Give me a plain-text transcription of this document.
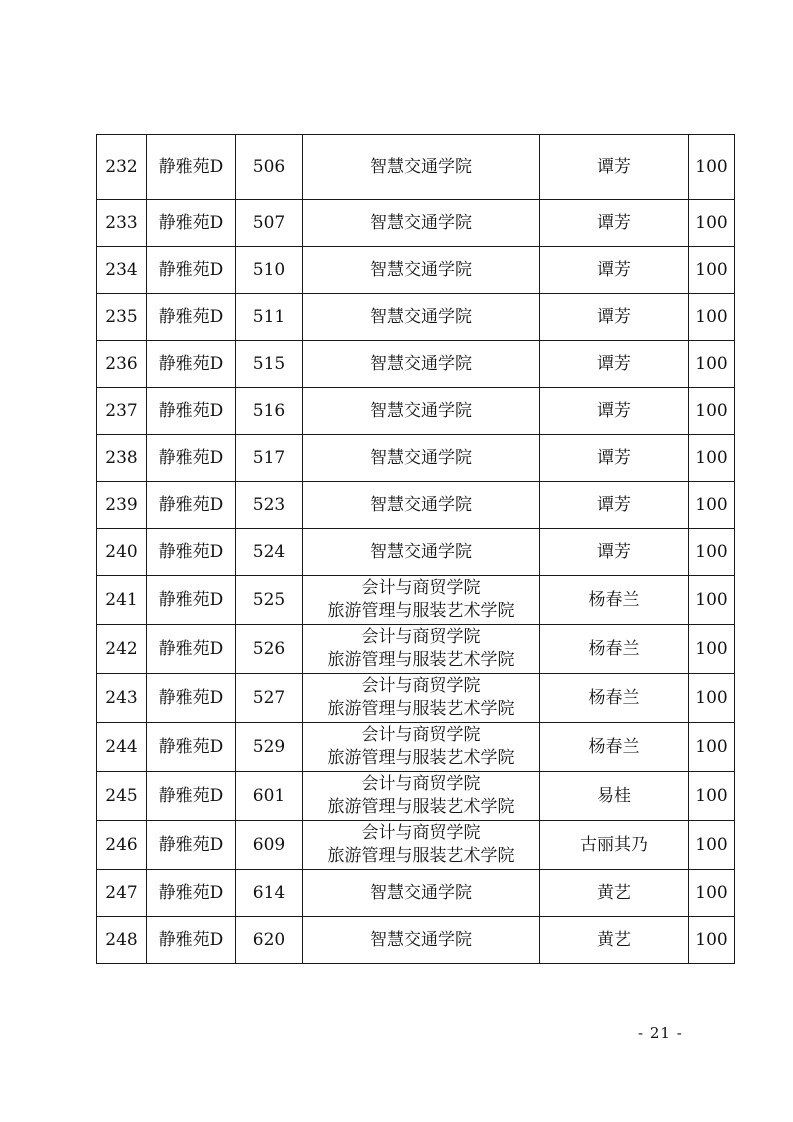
232	静雅苑D	506	智慧交通学院	谭芳	100
233	静雅苑D	507	智慧交通学院	谭芳	100
234	静雅苑D	510	智慧交通学院	谭芳	100
235	静雅苑D	511	智慧交通学院	谭芳	100
236	静雅苑D	515	智慧交通学院	谭芳	100
237	静雅苑D	516	智慧交通学院	谭芳	100
238	静雅苑D	517	智慧交通学院	谭芳	100
239	静雅苑D	523	智慧交通学院	谭芳	100
240	静雅苑D	524	智慧交通学院	谭芳	100
241	静雅苑D	525	会计与商贸学院
旅游管理与服装艺术学院	杨春兰	100
242	静雅苑D	526	会计与商贸学院
旅游管理与服装艺术学院	杨春兰	100
243	静雅苑D	527	会计与商贸学院
旅游管理与服装艺术学院	杨春兰	100
244	静雅苑D	529	会计与商贸学院
旅游管理与服装艺术学院	杨春兰	100
245	静雅苑D	601	会计与商贸学院
旅游管理与服装艺术学院	易桂	100
246	静雅苑D	609	会计与商贸学院
旅游管理与服装艺术学院	古丽其乃	100
247	静雅苑D	614	智慧交通学院	黄艺	100
248	静雅苑D	620	智慧交通学院	黄艺	100
- 21 -
